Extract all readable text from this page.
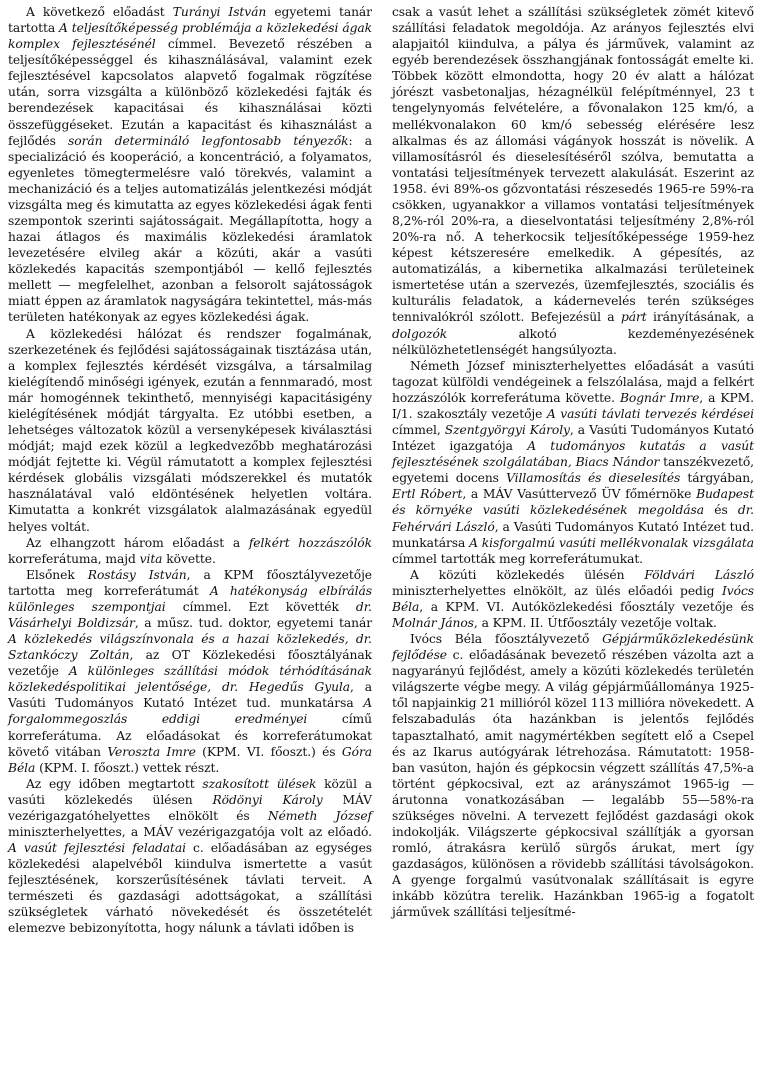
A következő előadást Turányi István egyetemi tanár tartotta A teljesítőképesség problémája a közlekedési ágak komplex fejlesztésénél címmel. Bevezető részében a teljesítőképességgel és kihasználásával, valamint ezek fejlesztésével kapcsolatos alapvető fogalmak rögzítése után, sorra vizsgálta a különböző közlekedési fajták és berendezések kapacitásai és kihasználásai közti összefüggéseket. Ezután a kapacitást és kihasználást a fejlődés során determináló legfontosabb tényezők: a specializáció és kooperáció, a koncentráció, a folyamatos, egyenletes tömegtermelésre való törekvés, valamint a mechanizáció és a teljes automatizálás jelentkezési módját vizsgálta meg és kimutatta az egyes közlekedési ágak fenti szempontok szerinti sajátosságait. Megállapította, hogy a hazai átlagos és maximális közlekedési áramlatok levezetésére elvileg akár a közúti, akár a vasúti közlekedés kapacitás szempontjából — kellő fejlesztés mellett — megfelelhet, azonban a felsorolt sajátosságok miatt éppen az áramlatok nagyságára tekintettel, más-más területen hatékonyak az egyes közlekedési ágak.

A közlekedési hálózat és rendszer fogalmának, szerkezetének és fejlődési sajátosságainak tisztázása után, a komplex fejlesztés kérdését vizsgálva, a társalmilag kielégítendő minőségi igények, ezután a fennmaradó, most már homogénnek tekinthető, mennyiségi kapacitásigény kielégítésének módját tárgyalta. Ez utóbbi esetben, a lehetséges változatok közül a versenyképesek kiválasztási módját; majd ezek közül a legkedvezőbb meghatározási módját fejtette ki. Végül rámutatott a komplex fejlesztési kérdések globális vizsgálati módszerekkel és mutatók használatával való eldöntésének helyetlen voltára. Kimutatta a konkrét vizsgálatok alalmazásának egyedül helyes voltát.

Az elhangzott három előadást a felkért hozzászólók korreferátuma, majd vita követte.

Elsőnek Rostásy István, a KPM főosztályvezetője tartotta meg korreferátumát A hatékonyság elbírálás különleges szempontjai címmel. Ezt követték dr. Vásárhelyi Boldizsár, a műsz. tud. doktor, egyetemi tanár A közlekedés világszínvonala és a hazai közlekedés, dr. Sztankóczy Zoltán, az OT Közlekedési főosztályának vezetője A különleges szállítási módok térhódításának közlekedéspolitikai jelentősége, dr. Hegedűs Gyula, a Vasúti Tudományos Kutató Intézet tud. munkatársa A forgalommegoszlás eddigi eredményei című korreferátuma. Az előadásokat és korreferátumokat követő vitában Veroszta Imre (KPM. VI. főoszt.) és Góra Béla (KPM. I. főoszt.) vettek részt.

Az egy időben megtartott szakosított ülések közül a vasúti közlekedés ülésen Rödönyi Károly MÁV vezérigazgatóhelyettes elnökölt és Németh József miniszterhelyettes, a MÁV vezérigazgatója volt az előadó. A vasút fejlesztési feladatai c. előadásában az egységes közlekedési alapelvéből kiindulva ismertette a vasút fejlesztésének, korszerűsítésének távlati terveit. A természeti és gazdasági adottságokat, a szállítási szükségletek várható növekedését és összetételét elemezve bebizonyította, hogy nálunk a távlati időben is

csak a vasút lehet a szállítási szükségletek zömét kitevő szállítási feladatok megoldója. Az arányos fejlesztés elvi alapjaitól kiindulva, a pálya és járművek, valamint az egyéb berendezések összhangjának fontosságát emelte ki. Többek között elmondotta, hogy 20 év alatt a hálózat jórészt vasbetonaljas, hézagnélkül felépítménnyel, 23 t tengelynyomás felvételére, a fővonalakon 125 km/ó, a mellékvonalakon 60 km/ó sebesség elérésére lesz alkalmas és az állomási vágányok hosszát is növelik. A villamosításról és dieselesítéséről szólva, bemutatta a vontatási teljesítmények tervezett alakulását. Eszerint az 1958. évi 89%-os gőzvontatási részesedés 1965-re 59%-ra csökken, ugyanakkor a villamos vontatási teljesítmények 8,2%-ról 20%-ra, a dieselvontatási teljesítmény 2,8%-ról 20%-ra nő. A teherkocsik teljesítőképessége 1959-hez képest kétszeresére emelkedik. A gépesítés, az automatizálás, a kibernetika alkalmazási területeinek ismertetése után a szervezés, üzemfejlesztés, szociális és kulturális feladatok, a kádernevelés terén szükséges tennivalókról szólott. Befejezésül a párt irányításának, a dolgozók alkotó kezdeményezésének nélkülözhetetlenségét hangsúlyozta.

Németh József miniszterhelyettes előadását a vasúti tagozat külföldi vendégeinek a felszólalása, majd a felkért hozzászólók korreferátuma követte. Bognár Imre, a KPM. I/1. szakosztály vezetője A vasúti távlati tervezés kérdései címmel, Szentgyörgyi Károly, a Vasúti Tudományos Kutató Intézet igazgatója A tudományos kutatás a vasút fejlesztésének szolgálatában, Biacs Nándor tanszékvezető, egyetemi docens Villamosítás és dieselesítés tárgyában, Ertl Róbert, a MÁV Vasúttervező ÜV főmérnöke Budapest és környéke vasúti közlekedésének megoldása és dr. Fehérvári László, a Vasúti Tudományos Kutató Intézet tud. munkatársa A kisforgalmú vasúti mellékvonalak vizsgálata címmel tartották meg korreferátumukat.

A közúti közlekedés ülésén Földvári László miniszterhelyettes elnökölt, az ülés előadói pedig Ivócs Béla, a KPM. VI. Autóközlekedési főosztály vezetője és Molnár János, a KPM. II. Útfőosztály vezetője voltak.

Ivócs Béla főosztályvezető Gépjárműközlekedésünk fejlődése c. előadásának bevezető részében vázolta azt a nagyarányú fejlődést, amely a közúti közlekedés területén világszerte végbe megy. A világ gépjárműállománya 1925-től napjainkig 21 millióról közel 113 millióra növekedett. A felszabadulás óta hazánkban is jelentős fejlődés tapasztalható, amit nagymértékben segített elő a Csepel és az Ikarus autógyárak létrehozása. Rámutatott: 1958-ban vasúton, hajón és gépkocsin végzett szállítás 47,5%-a történt gépkocsival, ezt az arányszámot 1965-ig — árutonna vonatkozásában — legalább 55—58%-ra szükséges növelni. A tervezett fejlődést gazdasági okok indokolják. Világszerte gépkocsival szállítják a gyorsan romló, átrakásra kerülő sürgős árukat, mert így gazdaságos, különösen a rövidebb szállítási távolságokon. A gyenge forgalmú vasútvonalak szállításait is egyre inkább közútra terelik. Hazánkban 1965-ig a fogatolt járművek szállítási teljesítmé-
